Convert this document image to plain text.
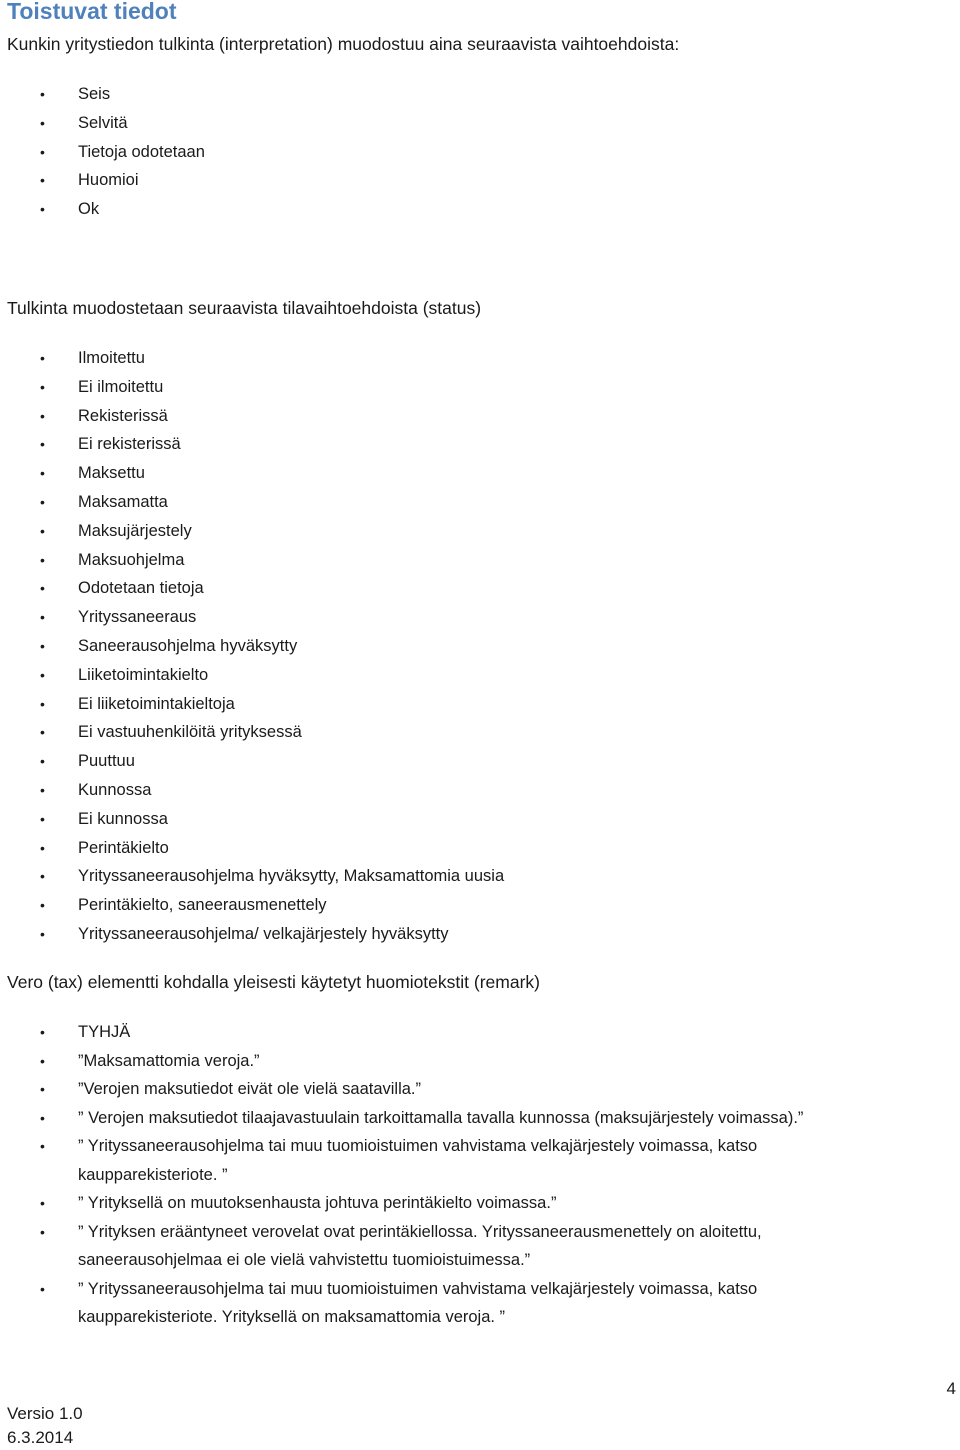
Toistuvat tiedot

Kunkin yritystiedon tulkinta (interpretation) muodostuu aina seuraavista vaihtoehdoista:

• Seis
• Selvitä
• Tietoja odotetaan
• Huomioi
• Ok

Tulkinta muodostetaan seuraavista tilavaihtoehdoista (status)

• Ilmoitettu
• Ei ilmoitettu
• Rekisterissä
• Ei rekisterissä
• Maksettu
• Maksamatta
• Maksujärjestely
• Maksuohjelma
• Odotetaan tietoja
• Yrityssaneeraus
• Saneerausohjelma hyväksytty
• Liiketoimintakielto
• Ei liiketoimintakieltoja
• Ei vastuuhenkilöitä yrityksessä
• Puuttuu
• Kunnossa
• Ei kunnossa
• Perintäkielto
• Yrityssaneerausohjelma hyväksytty, Maksamattomia uusia
• Perintäkielto, saneerausmenettely
• Yrityssaneerausohjelma/ velkajärjestely hyväksytty

Vero (tax) elementti kohdalla yleisesti käytetyt huomiotekstit (remark)

• TYHJÄ
• ”Maksamattomia veroja.”
• ”Verojen maksutiedot eivät ole vielä saatavilla.”
• ” Verojen maksutiedot tilaajavastuulain tarkoittamalla tavalla kunnossa (maksujärjestely voimassa).”
• ” Yrityssaneerausohjelma tai muu tuomioistuimen vahvistama velkajärjestely voimassa, katso
kaupparekisteriote. ”
• ” Yrityksellä on muutoksenhausta johtuva perintäkielto voimassa.”
• ” Yrityksen erääntyneet verovelat ovat perintäkiellossa. Yrityssaneerausmenettely on aloitettu,
saneerausohjelmaa ei ole vielä vahvistettu tuomioistuimessa.”
• ” Yrityssaneerausohjelma tai muu tuomioistuimen vahvistama velkajärjestely voimassa, katso
kaupparekisteriote. Yrityksellä on maksamattomia veroja. ”
Versio 1.0
6.3.2014
4
